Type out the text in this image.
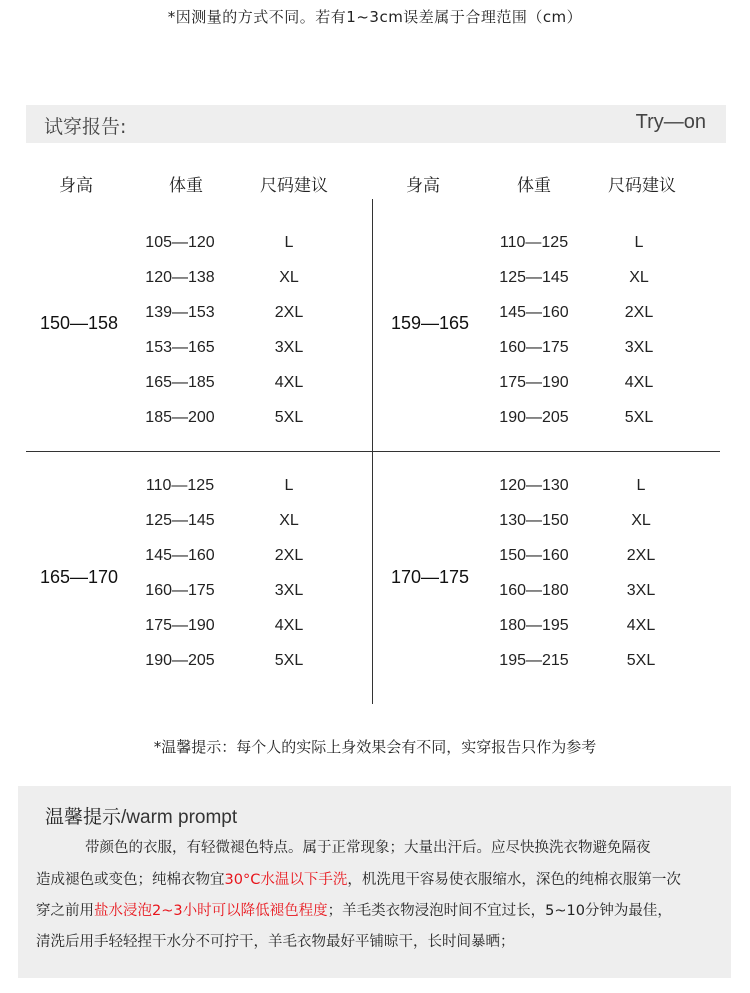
*因测量的方式不同。若有1~3cm误差属于合理范围（cm）
试穿报告:	Try—on
身高	体重	尺码建议	身高	体重	尺码建议
150—158
105—120	L
120—138	XL
139—153	2XL
153—165	3XL
165—185	4XL
185—200	5XL
159—165
110—125	L
125—145	XL
145—160	2XL
160—175	3XL
175—190	4XL
190—205	5XL
165—170
110—125	L
125—145	XL
145—160	2XL
160—175	3XL
175—190	4XL
190—205	5XL
170—175
120—130	L
130—150	XL
150—160	2XL
160—180	3XL
180—195	4XL
195—215	5XL
*温馨提示：每个人的实际上身效果会有不同，实穿报告只作为参考
温馨提示/warm prompt
带颜色的衣服，有轻微褪色特点。属于正常现象；大量出汗后。应尽快换洗衣物避免隔夜
造成褪色或变色；纯棉衣物宜30°C水温以下手洗，机洗甩干容易使衣服缩水，深色的纯棉衣服第一次
穿之前用盐水浸泡2~3小时可以降低褪色程度；羊毛类衣物浸泡时间不宜过长，5~10分钟为最佳，
清洗后用手轻轻捏干水分不可拧干，羊毛衣物最好平铺晾干，长时间暴晒；
